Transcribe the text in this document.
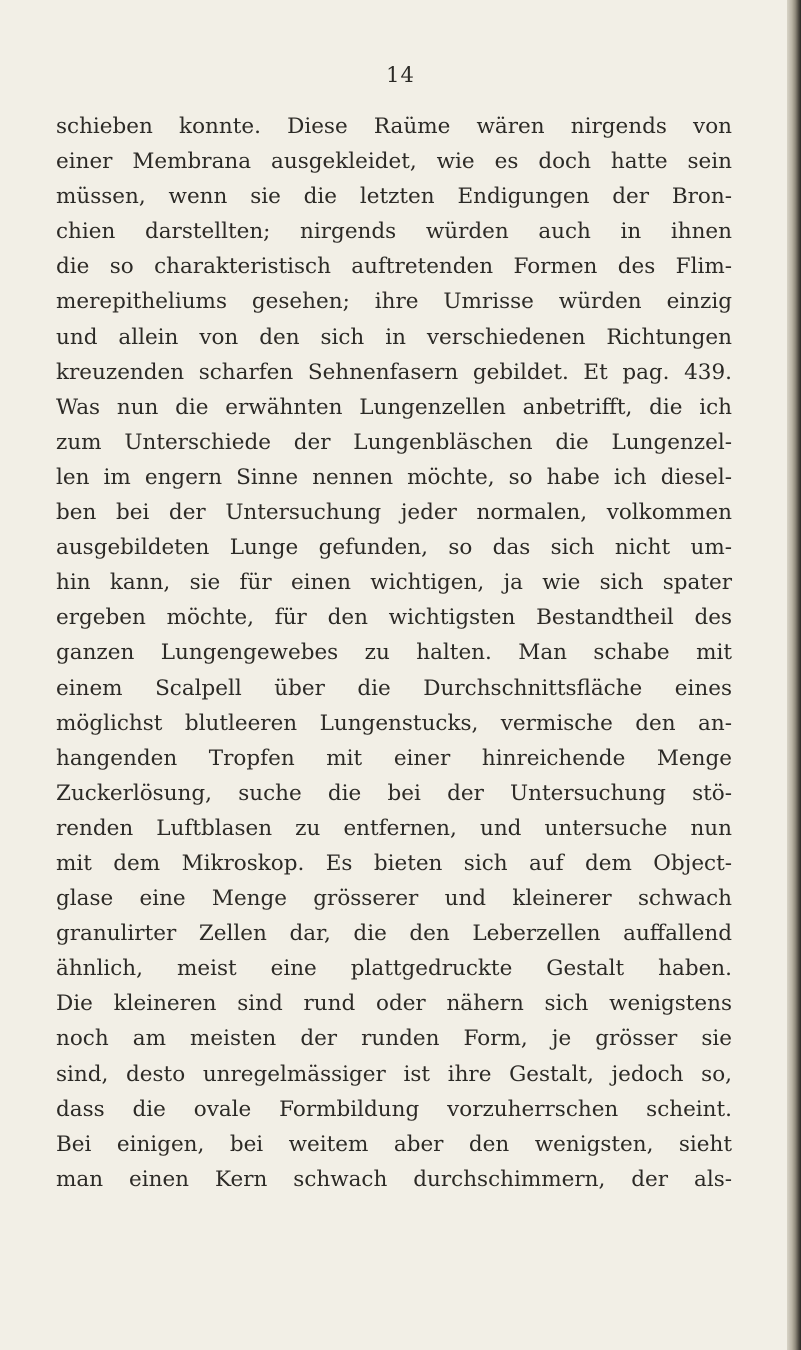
14
schieben konnte. Diese Raüme wären nirgends von
einer Membrana ausgekleidet, wie es doch hatte sein
müssen, wenn sie die letzten Endigungen der Bron-
chien darstellten; nirgends würden auch in ihnen
die so charakteristisch auftretenden Formen des Flim-
merepitheliums gesehen; ihre Umrisse würden einzig
und allein von den sich in verschiedenen Richtungen
kreuzenden scharfen Sehnenfasern gebildet. Et pag. 439.
Was nun die erwähnten Lungenzellen anbetrifft, die ich
zum Unterschiede der Lungenbläschen die Lungenzel-
len im engern Sinne nennen möchte, so habe ich diesel-
ben bei der Untersuchung jeder normalen, volkommen
ausgebildeten Lunge gefunden, so das sich nicht um-
hin kann, sie für einen wichtigen, ja wie sich spater
ergeben möchte, für den wichtigsten Bestandtheil des
ganzen Lungengewebes zu halten. Man schabe mit
einem Scalpell über die Durchschnittsfläche eines
möglichst blutleeren Lungenstucks, vermische den an-
hangenden Tropfen mit einer hinreichende Menge
Zuckerlösung, suche die bei der Untersuchung stö-
renden Luftblasen zu entfernen, und untersuche nun
mit dem Mikroskop. Es bieten sich auf dem Object-
glase eine Menge grösserer und kleinerer schwach
granulirter Zellen dar, die den Leberzellen auffallend
ähnlich, meist eine plattgedruckte Gestalt haben.
Die kleineren sind rund oder nähern sich wenigstens
noch am meisten der runden Form, je grösser sie
sind, desto unregelmässiger ist ihre Gestalt, jedoch so,
dass die ovale Formbildung vorzuherrschen scheint.
Bei einigen, bei weitem aber den wenigsten, sieht
man einen Kern schwach durchschimmern, der als-
